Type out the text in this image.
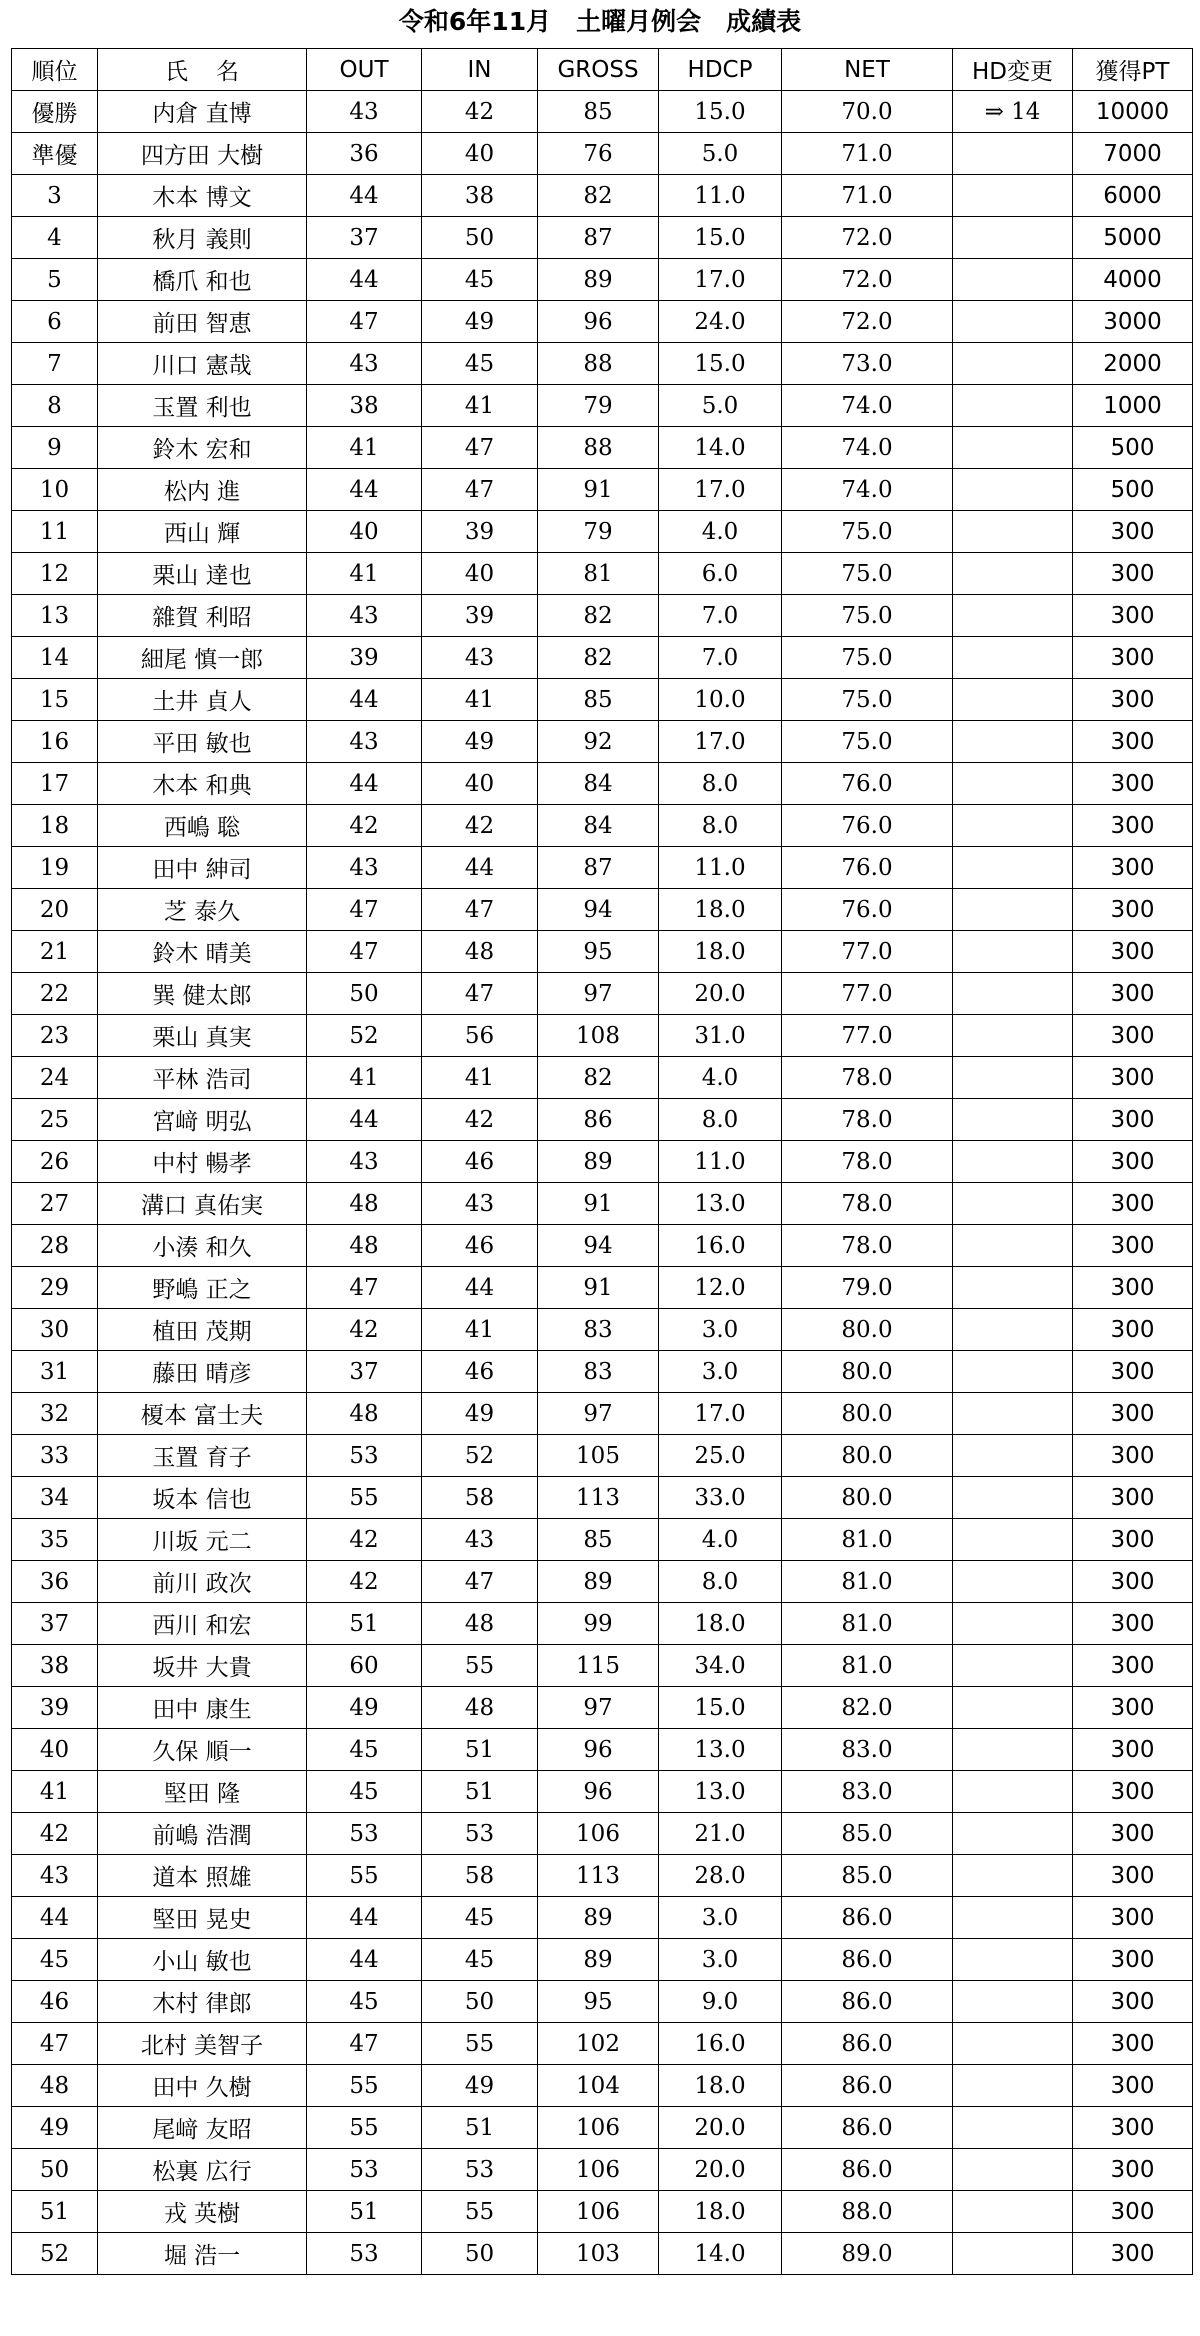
令和6年11月　土曜月例会　成績表
順位	氏名	OUT	IN	GROSS	HDCP	NET	HD変更	獲得PT
優勝	内倉 直博	43	42	85	15.0	70.0	⇒ 14	10000
準優	四方田 大樹	36	40	76	5.0	71.0		7000
3	木本 博文	44	38	82	11.0	71.0		6000
4	秋月 義則	37	50	87	15.0	72.0		5000
5	橋爪 和也	44	45	89	17.0	72.0		4000
6	前田 智恵	47	49	96	24.0	72.0		3000
7	川口 憲哉	43	45	88	15.0	73.0		2000
8	玉置 利也	38	41	79	5.0	74.0		1000
9	鈴木 宏和	41	47	88	14.0	74.0		500
10	松内 進	44	47	91	17.0	74.0		500
11	西山 輝	40	39	79	4.0	75.0		300
12	栗山 達也	41	40	81	6.0	75.0		300
13	雜賀 利昭	43	39	82	7.0	75.0		300
14	細尾 慎一郎	39	43	82	7.0	75.0		300
15	土井 貞人	44	41	85	10.0	75.0		300
16	平田 敏也	43	49	92	17.0	75.0		300
17	木本 和典	44	40	84	8.0	76.0		300
18	西嶋 聡	42	42	84	8.0	76.0		300
19	田中 紳司	43	44	87	11.0	76.0		300
20	芝 泰久	47	47	94	18.0	76.0		300
21	鈴木 晴美	47	48	95	18.0	77.0		300
22	巽 健太郎	50	47	97	20.0	77.0		300
23	栗山 真実	52	56	108	31.0	77.0		300
24	平林 浩司	41	41	82	4.0	78.0		300
25	宮﨑 明弘	44	42	86	8.0	78.0		300
26	中村 暢孝	43	46	89	11.0	78.0		300
27	溝口 真佑実	48	43	91	13.0	78.0		300
28	小湊 和久	48	46	94	16.0	78.0		300
29	野嶋 正之	47	44	91	12.0	79.0		300
30	植田 茂期	42	41	83	3.0	80.0		300
31	藤田 晴彦	37	46	83	3.0	80.0		300
32	榎本 富士夫	48	49	97	17.0	80.0		300
33	玉置 育子	53	52	105	25.0	80.0		300
34	坂本 信也	55	58	113	33.0	80.0		300
35	川坂 元二	42	43	85	4.0	81.0		300
36	前川 政次	42	47	89	8.0	81.0		300
37	西川 和宏	51	48	99	18.0	81.0		300
38	坂井 大貴	60	55	115	34.0	81.0		300
39	田中 康生	49	48	97	15.0	82.0		300
40	久保 順一	45	51	96	13.0	83.0		300
41	堅田 隆	45	51	96	13.0	83.0		300
42	前嶋 浩潤	53	53	106	21.0	85.0		300
43	道本 照雄	55	58	113	28.0	85.0		300
44	堅田 晃史	44	45	89	3.0	86.0		300
45	小山 敏也	44	45	89	3.0	86.0		300
46	木村 律郎	45	50	95	9.0	86.0		300
47	北村 美智子	47	55	102	16.0	86.0		300
48	田中 久樹	55	49	104	18.0	86.0		300
49	尾﨑 友昭	55	51	106	20.0	86.0		300
50	松裏 広行	53	53	106	20.0	86.0		300
51	戎 英樹	51	55	106	18.0	88.0		300
52	堀 浩一	53	50	103	14.0	89.0		300
